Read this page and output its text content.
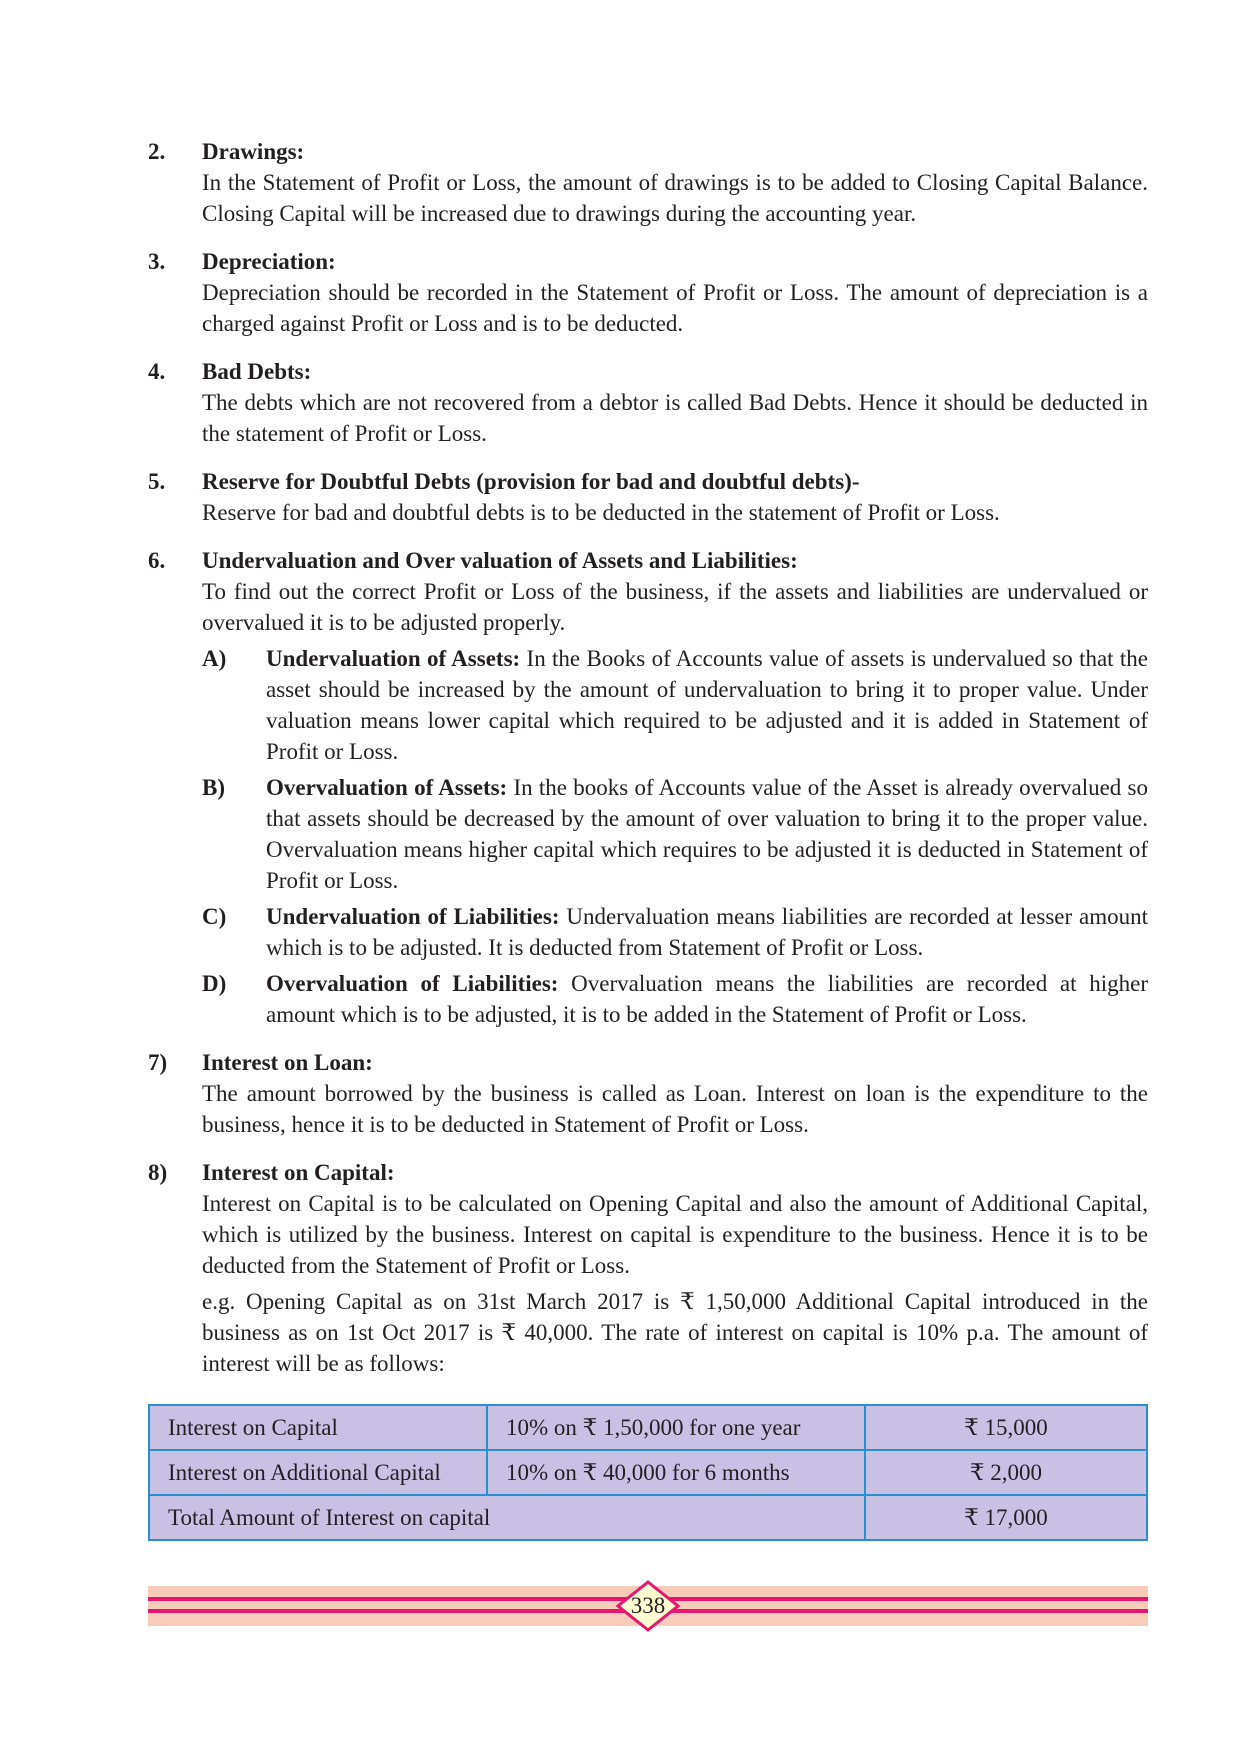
2.	Drawings:
In the Statement of Profit or Loss, the amount of drawings is to be added to Closing Capital Balance. Closing Capital will be increased due to drawings during the accounting year.
3.	Depreciation:
Depreciation should be recorded in the Statement of Profit or Loss. The amount of depreciation is a charged against Profit or Loss and is to be deducted.
4.	Bad Debts:
The debts which are not recovered from a debtor is called Bad Debts. Hence it should be deducted in the statement of Profit or Loss.
5.	Reserve for Doubtful Debts (provision for bad and doubtful debts)-
Reserve for bad and doubtful debts is to be deducted in the statement of Profit or Loss.
6.	Undervaluation and Over valuation of Assets and Liabilities:
To find out the correct Profit or Loss of the business, if the assets and liabilities are undervalued or overvalued it is to be adjusted properly.
A)	Undervaluation of Assets: In the Books of Accounts value of assets is undervalued so that the asset should be increased by the amount of undervaluation to bring it to proper value. Under valuation means lower capital which required to be adjusted and it is added in Statement of Profit or Loss.
B)	Overvaluation of Assets: In the books of Accounts value of the Asset is already overvalued so that assets should be decreased by the amount of over valuation to bring it to the proper value. Overvaluation means higher capital which requires to be adjusted it is deducted in Statement of Profit or Loss.
C)	Undervaluation of Liabilities: Undervaluation means liabilities are recorded at lesser amount which is to be adjusted. It is deducted from Statement of Profit or Loss.
D)	Overvaluation of Liabilities: Overvaluation means the liabilities are recorded at higher amount which is to be adjusted, it is to be added in the Statement of Profit or Loss.
7)	Interest on Loan:
The amount borrowed by the business is called as Loan. Interest on loan is the expenditure to the business, hence it is to be deducted in Statement of Profit or Loss.
8)	Interest on Capital:
Interest on Capital is to be calculated on Opening Capital and also the amount of Additional Capital, which is utilized by the business. Interest on capital is expenditure to the business. Hence it is to be deducted from the Statement of Profit or Loss.
e.g. Opening Capital as on 31st March 2017 is ₹ 1,50,000 Additional Capital introduced in the business as on 1st Oct 2017 is ₹ 40,000. The rate of interest on capital is 10% p.a. The amount of interest will be as follows:
Interest on Capital	10% on ₹ 1,50,000 for one year	₹ 15,000
Interest on Additional Capital	10% on ₹ 40,000 for 6 months	₹ 2,000
Total Amount of Interest on capital		₹ 17,000
338
